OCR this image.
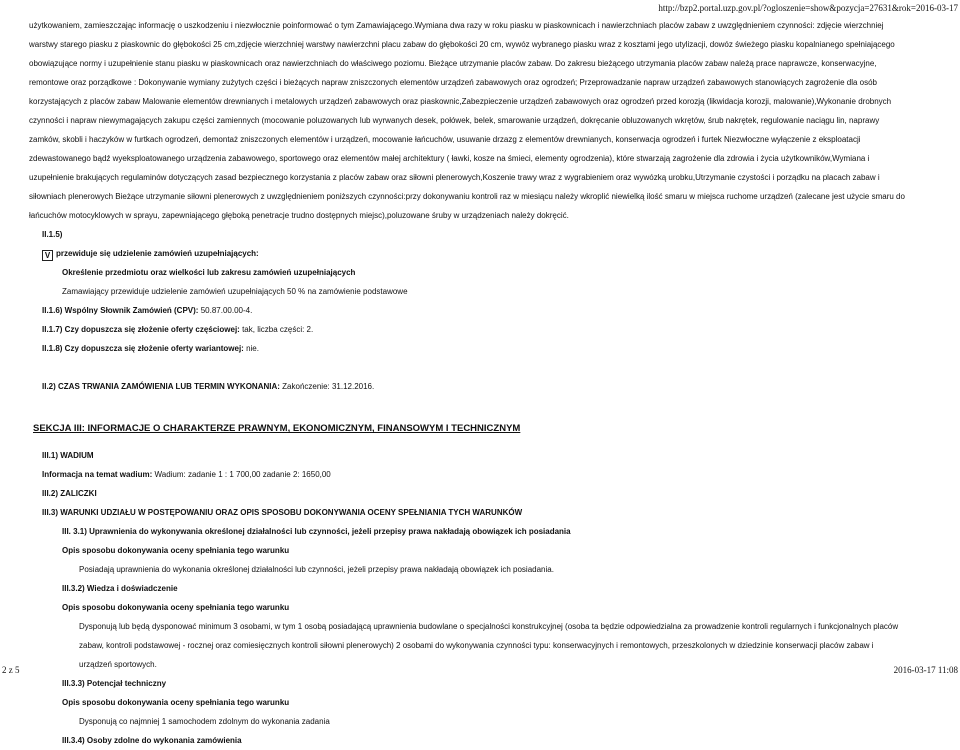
http://bzp2.portal.uzp.gov.pl/?ogloszenie=show&pozycja=27631&rok=2016-03-17

użytkowaniem, zamieszczając informację o uszkodzeniu i niezwłocznie poinformować o tym Zamawiającego.Wymiana dwa razy w roku piasku w piaskownicach i nawierzchniach placów zabaw z uwzględnieniem czynności: zdjęcie wierzchniej

warstwy starego piasku z piaskownic do głębokości 25 cm,zdjęcie wierzchniej warstwy nawierzchni placu zabaw do głębokości 20 cm, wywóz wybranego piasku wraz z kosztami jego utylizacji, dowóz świeżego piasku kopalnianego spełniającego

obowiązujące normy i uzupełnienie stanu piasku w piaskownicach oraz nawierzchniach do właściwego poziomu. Bieżące utrzymanie placów zabaw. Do zakresu bieżącego utrzymania placów zabaw należą prace naprawcze, konserwacyjne,

remontowe oraz porządkowe : Dokonywanie wymiany zużytych części i bieżących napraw zniszczonych elementów urządzeń zabawowych oraz ogrodzeń; Przeprowadzanie napraw urządzeń zabawowych stanowiących zagrożenie dla osób

korzystających z placów zabaw Malowanie elementów drewnianych i metalowych urządzeń zabawowych oraz piaskownic,Zabezpieczenie urządzeń zabawowych oraz ogrodzeń przed korozją (likwidacja korozji, malowanie),Wykonanie drobnych

czynności i napraw niewymagających zakupu części zamiennych (mocowanie poluzowanych lub wyrwanych desek, połówek, belek, smarowanie urządzeń, dokręcanie obluzowanych wkrętów, śrub nakrętek, regulowanie naciągu lin, naprawy

zamków, skobli i haczyków w furtkach ogrodzeń, demontaż zniszczonych elementów i urządzeń, mocowanie łańcuchów, usuwanie drzazg z elementów drewnianych, konserwacja ogrodzeń i furtek Niezwłoczne wyłączenie z eksploatacji

zdewastowanego bądź wyeksploatowanego urządzenia zabawowego, sportowego oraz elementów małej architektury ( ławki, kosze na śmieci, elementy ogrodzenia), które stwarzają zagrożenie dla zdrowia i życia użytkowników,Wymiana i

uzupełnienie brakujących regulaminów dotyczących zasad bezpiecznego korzystania z placów zabaw oraz siłowni plenerowych,Koszenie trawy wraz z wygrabieniem oraz wywózką urobku,Utrzymanie czystości i porządku na placach zabaw i

siłowniach plenerowych Bieżące utrzymanie siłowni plenerowych z uwzględnieniem poniższych czynności:przy dokonywaniu kontroli raz w miesiącu należy wkroplić niewielką ilość smaru w miejsca ruchome urządzeń (zalecane jest użycie smaru do

łańcuchów motocyklowych w sprayu, zapewniającego głęboką penetracje trudno dostępnych miejsc),poluzowane śruby w urządzeniach należy dokręcić.

II.1.5)

V przewiduje się udzielenie zamówień uzupełniających:

Określenie przedmiotu oraz wielkości lub zakresu zamówień uzupełniających

Zamawiający przewiduje udzielenie zamówień uzupełniających 50 % na zamówienie podstawowe

II.1.6) Wspólny Słownik Zamówień (CPV): 50.87.00.00-4.

II.1.7) Czy dopuszcza się złożenie oferty częściowej: tak, liczba części: 2.

II.1.8) Czy dopuszcza się złożenie oferty wariantowej: nie.

II.2) CZAS TRWANIA ZAMÓWIENIA LUB TERMIN WYKONANIA: Zakończenie: 31.12.2016.

SEKCJA III: INFORMACJE O CHARAKTERZE PRAWNYM, EKONOMICZNYM, FINANSOWYM I TECHNICZNYM

III.1) WADIUM

Informacja na temat wadium: Wadium: zadanie 1 : 1 700,00 zadanie 2: 1650,00

III.2) ZALICZKI

III.3) WARUNKI UDZIAŁU W POSTĘPOWANIU ORAZ OPIS SPOSOBU DOKONYWANIA OCENY SPEŁNIANIA TYCH WARUNKÓW

III. 3.1) Uprawnienia do wykonywania określonej działalności lub czynności, jeżeli przepisy prawa nakładają obowiązek ich posiadania

Opis sposobu dokonywania oceny spełniania tego warunku

Posiadają uprawnienia do wykonania określonej działalności lub czynności, jeżeli przepisy prawa nakładają obowiązek ich posiadania.

III.3.2) Wiedza i doświadczenie

Opis sposobu dokonywania oceny spełniania tego warunku

Dysponują lub będą dysponować minimum 3 osobami, w tym 1 osobą posiadającą uprawnienia budowlane o specjalności konstrukcyjnej (osoba ta będzie odpowiedzialna za prowadzenie kontroli regularnych i funkcjonalnych placów

zabaw, kontroli podstawowej - rocznej oraz comiesięcznych kontroli siłowni plenerowych) 2 osobami do wykonywania czynności typu: konserwacyjnych i remontowych, przeszkolonych w dziedzinie konserwacji placów zabaw i

urządzeń sportowych.

III.3.3) Potencjał techniczny

Opis sposobu dokonywania oceny spełniania tego warunku

Dysponują co najmniej 1 samochodem zdolnym do wykonania zadania

III.3.4) Osoby zdolne do wykonania zamówienia

2 z 5	2016-03-17 11:08
